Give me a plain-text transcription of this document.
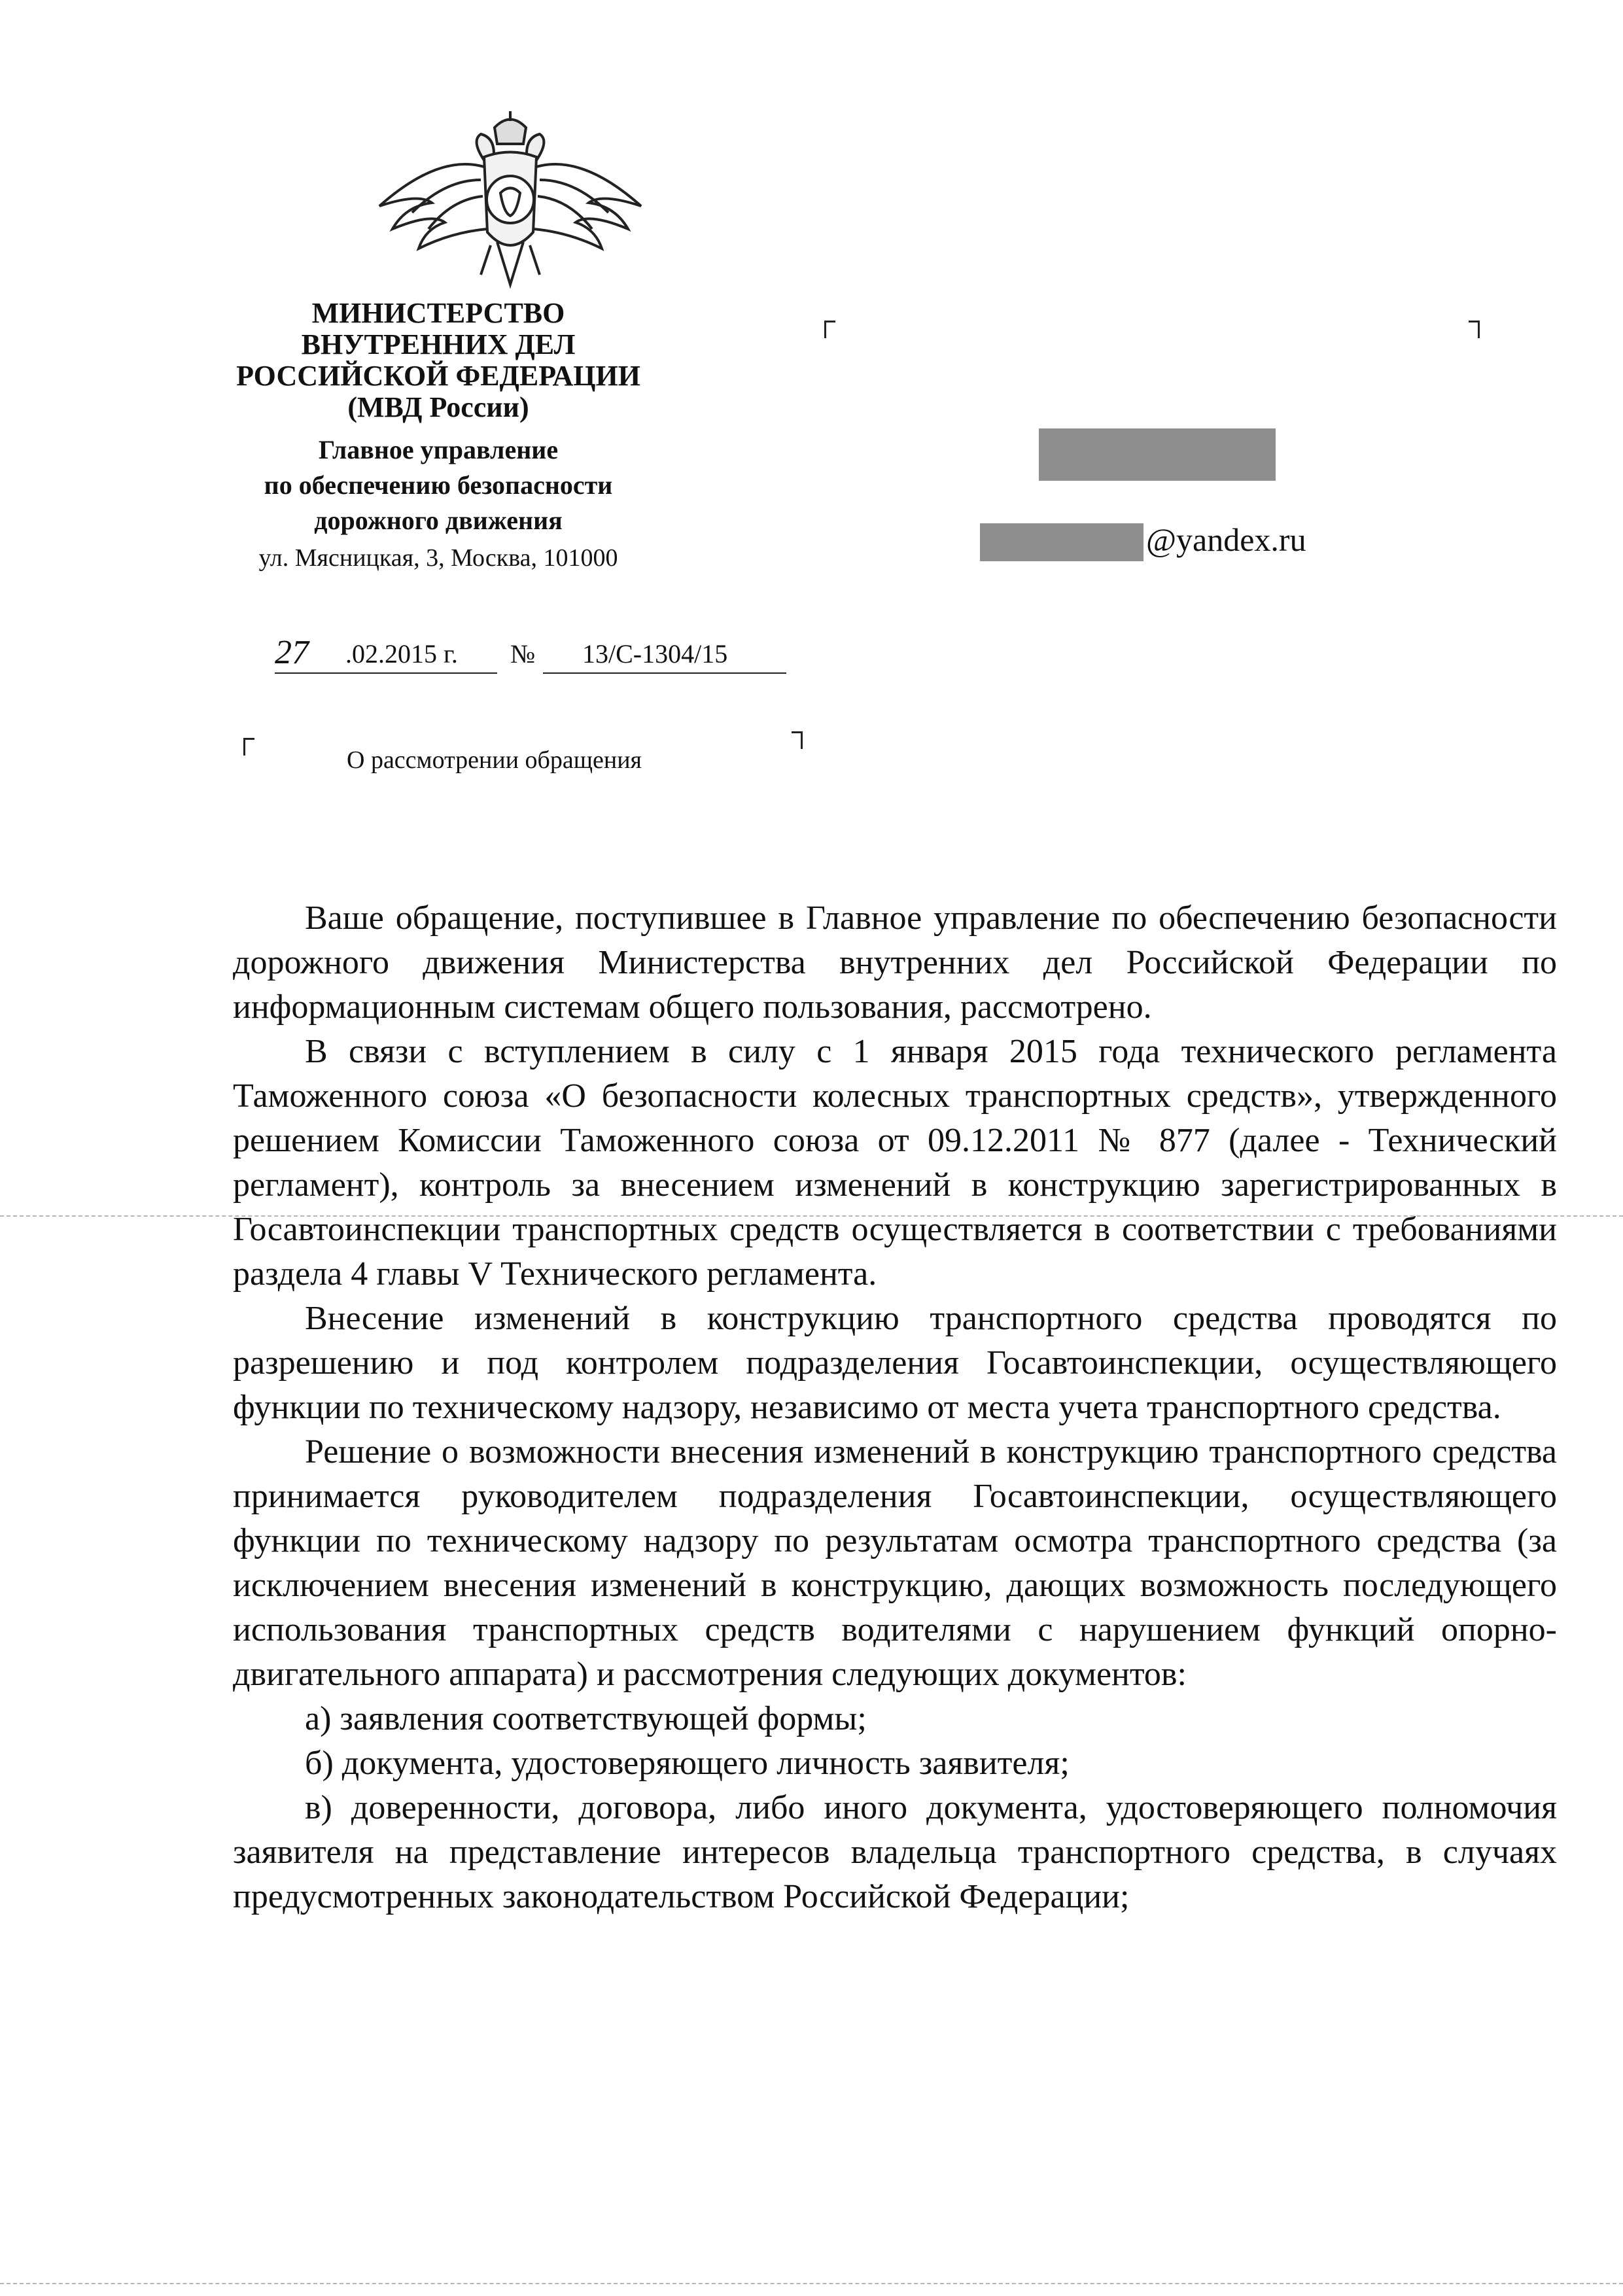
МИНИСТЕРСТВО
ВНУТРЕННИХ ДЕЛ
РОССИЙСКОЙ ФЕДЕРАЦИИ
(МВД России)
Главное управление
по обеспечению безопасности
дорожного движения
ул. Мясницкая, 3, Москва, 101000
27 .02.2015 г. № 13/С-1304/15
@yandex.ru
О рассмотрении обращения

Ваше обращение, поступившее в Главное управление по обеспечению безопасности дорожного движения Министерства внутренних дел Российской Федерации по информационным системам общего пользования, рассмотрено.

В связи с вступлением в силу с 1 января 2015 года технического регламента Таможенного союза «О безопасности колесных транспортных средств», утвержденного решением Комиссии Таможенного союза от 09.12.2011 № 877 (далее - Технический регламент), контроль за внесением изменений в конструкцию зарегистрированных в Госавтоинспекции транспортных средств осуществляется в соответствии с требованиями раздела 4 главы V Технического регламента.

Внесение изменений в конструкцию транспортного средства проводятся по разрешению и под контролем подразделения Госавтоинспекции, осуществляющего функции по техническому надзору, независимо от места учета транспортного средства.

Решение о возможности внесения изменений в конструкцию транспортного средства принимается руководителем подразделения Госавтоинспекции, осуществляющего функции по техническому надзору по результатам осмотра транспортного средства (за исключением внесения изменений в конструкцию, дающих возможность последующего использования транспортных средств водителями с нарушением функций опорно-двигательного аппарата) и рассмотрения следующих документов:

а) заявления соответствующей формы;

б) документа, удостоверяющего личность заявителя;

в) доверенности, договора, либо иного документа, удостоверяющего полномочия заявителя на представление интересов владельца транспортного средства, в случаях предусмотренных законодательством Российской Федерации;
